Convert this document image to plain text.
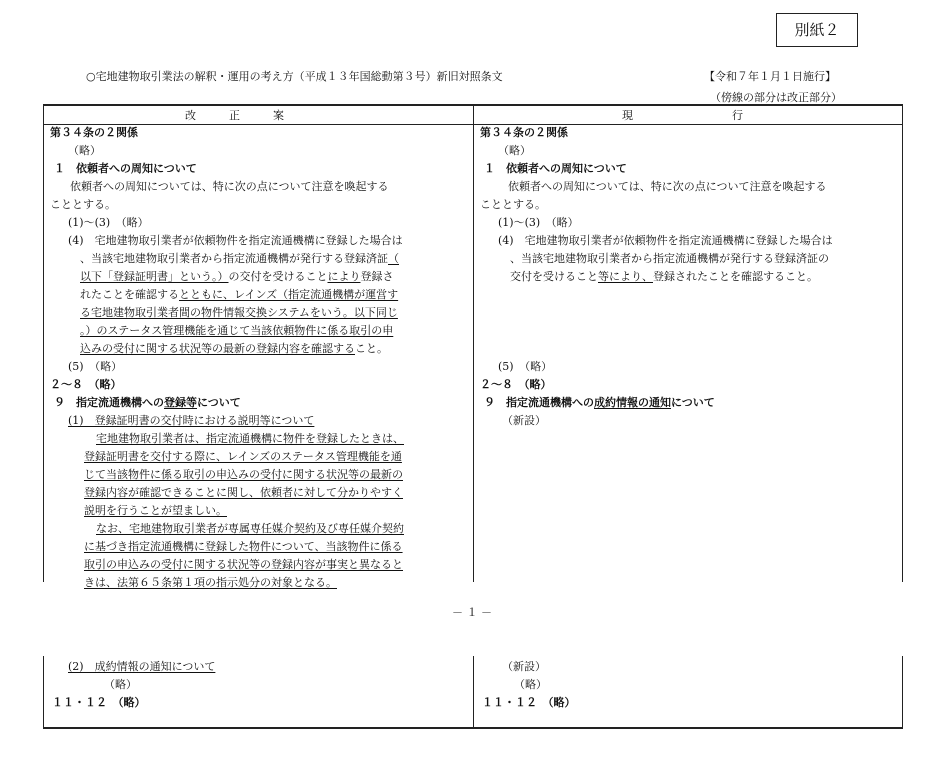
別紙２
○宅地建物取引業法の解釈・運用の考え方（平成１３年国総動第３号）新旧対照条文	【令和７年１月１日施行】
（傍線の部分は改正部分）
改　　　正　　　案	現　　　　　　　　　行
第３４条の２関係
（略）
１　依頼者への周知について
依頼者への周知については、特に次の点について注意を喚起する
こととする。
(1)～(3)　（略）
(4)　宅地建物取引業者が依頼物件を指定流通機構に登録した場合は
、当該宅地建物取引業者から指定流通機構が発行する登録済証（
以下「登録証明書」という。）の交付を受けることにより登録さ
れたことを確認するとともに、レインズ（指定流通機構が運営す
る宅地建物取引業者間の物件情報交換システムをいう。以下同じ
。）のステータス管理機能を通じて当該依頼物件に係る取引の申
込みの受付に関する状況等の最新の登録内容を確認すること。
(5)　（略）
２～８　（略）
９　指定流通機構への登録等について
(1)　登録証明書の交付時における説明等について
宅地建物取引業者は、指定流通機構に物件を登録したときは、
登録証明書を交付する際に、レインズのステータス管理機能を通
じて当該物件に係る取引の申込みの受付に関する状況等の最新の
登録内容が確認できることに関し、依頼者に対して分かりやすく
説明を行うことが望ましい。
なお、宅地建物取引業者が専属専任媒介契約及び専任媒介契約
に基づき指定流通機構に登録した物件について、当該物件に係る
取引の申込みの受付に関する状況等の登録内容が事実と異なると
きは、法第６５条第１項の指示処分の対象となる。
第３４条の２関係
（略）
１　依頼者への周知について
依頼者への周知については、特に次の点について注意を喚起する
こととする。
(1)～(3)　（略）
(4)　宅地建物取引業者が依頼物件を指定流通機構に登録した場合は
、当該宅地建物取引業者から指定流通機構が発行する登録済証の
交付を受けること等により、登録されたことを確認すること。
(5)　（略）
２～８　（略）
９　指定流通機構への成約情報の通知について
（新設）
－ １ －
(2)　成約情報の通知について
（略）
１１・１２　（略）
（新設）
（略）
１１・１２　（略）
